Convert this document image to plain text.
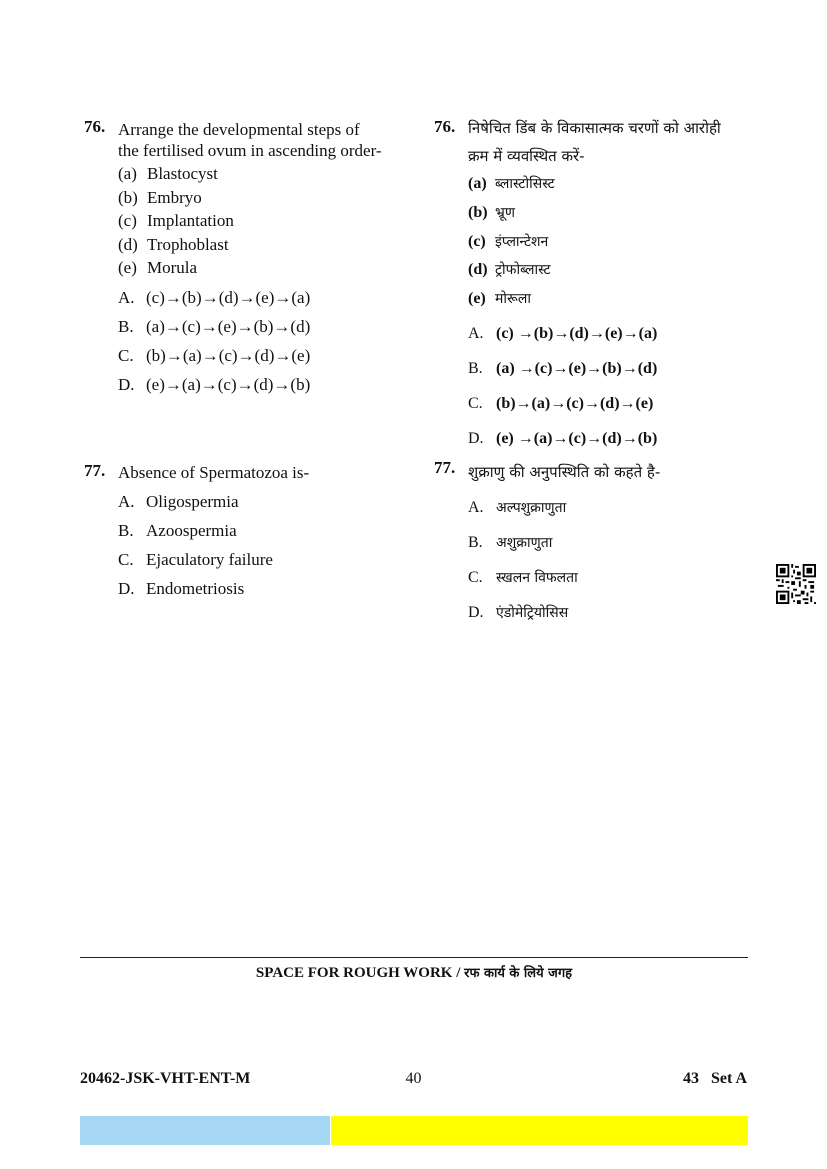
76. Arrange the developmental steps of
the fertilised ovum in ascending order-
(a) Blastocyst
(b) Embryo
(c) Implantation
(d) Trophoblast
(e) Morula
A. (c)→(b)→(d)→(e)→(a)
B. (a)→(c)→(e)→(b)→(d)
C. (b)→(a)→(c)→(d)→(e)
D. (e)→(a)→(c)→(d)→(b)
77. Absence of Spermatozoa is-
A. Oligospermia
B. Azoospermia
C. Ejaculatory failure
D. Endometriosis
76. निषेचित डिंब के विकासात्मक चरणों को आरोही
क्रम में व्यवस्थित करें-
(a) ब्लास्टोसिस्ट
(b) भ्रूण
(c) इंप्लान्टेशन
(d) ट्रोफोब्लास्ट
(e) मोरूला
A. (c) →(b)→(d)→(e)→(a)
B. (a) →(c)→(e)→(b)→(d)
C. (b)→(a)→(c)→(d)→(e)
D. (e) →(a)→(c)→(d)→(b)
77. शुक्राणु की अनुपस्थिति को कहते है-
A. अल्पशुक्राणुता
B. अशुक्राणुता
C. स्खलन विफलता
D. एंडोमेट्रियोसिस
SPACE FOR ROUGH WORK / रफ कार्य के लिये जगह
40
20462-JSK-VHT-ENT-M	43   Set A
